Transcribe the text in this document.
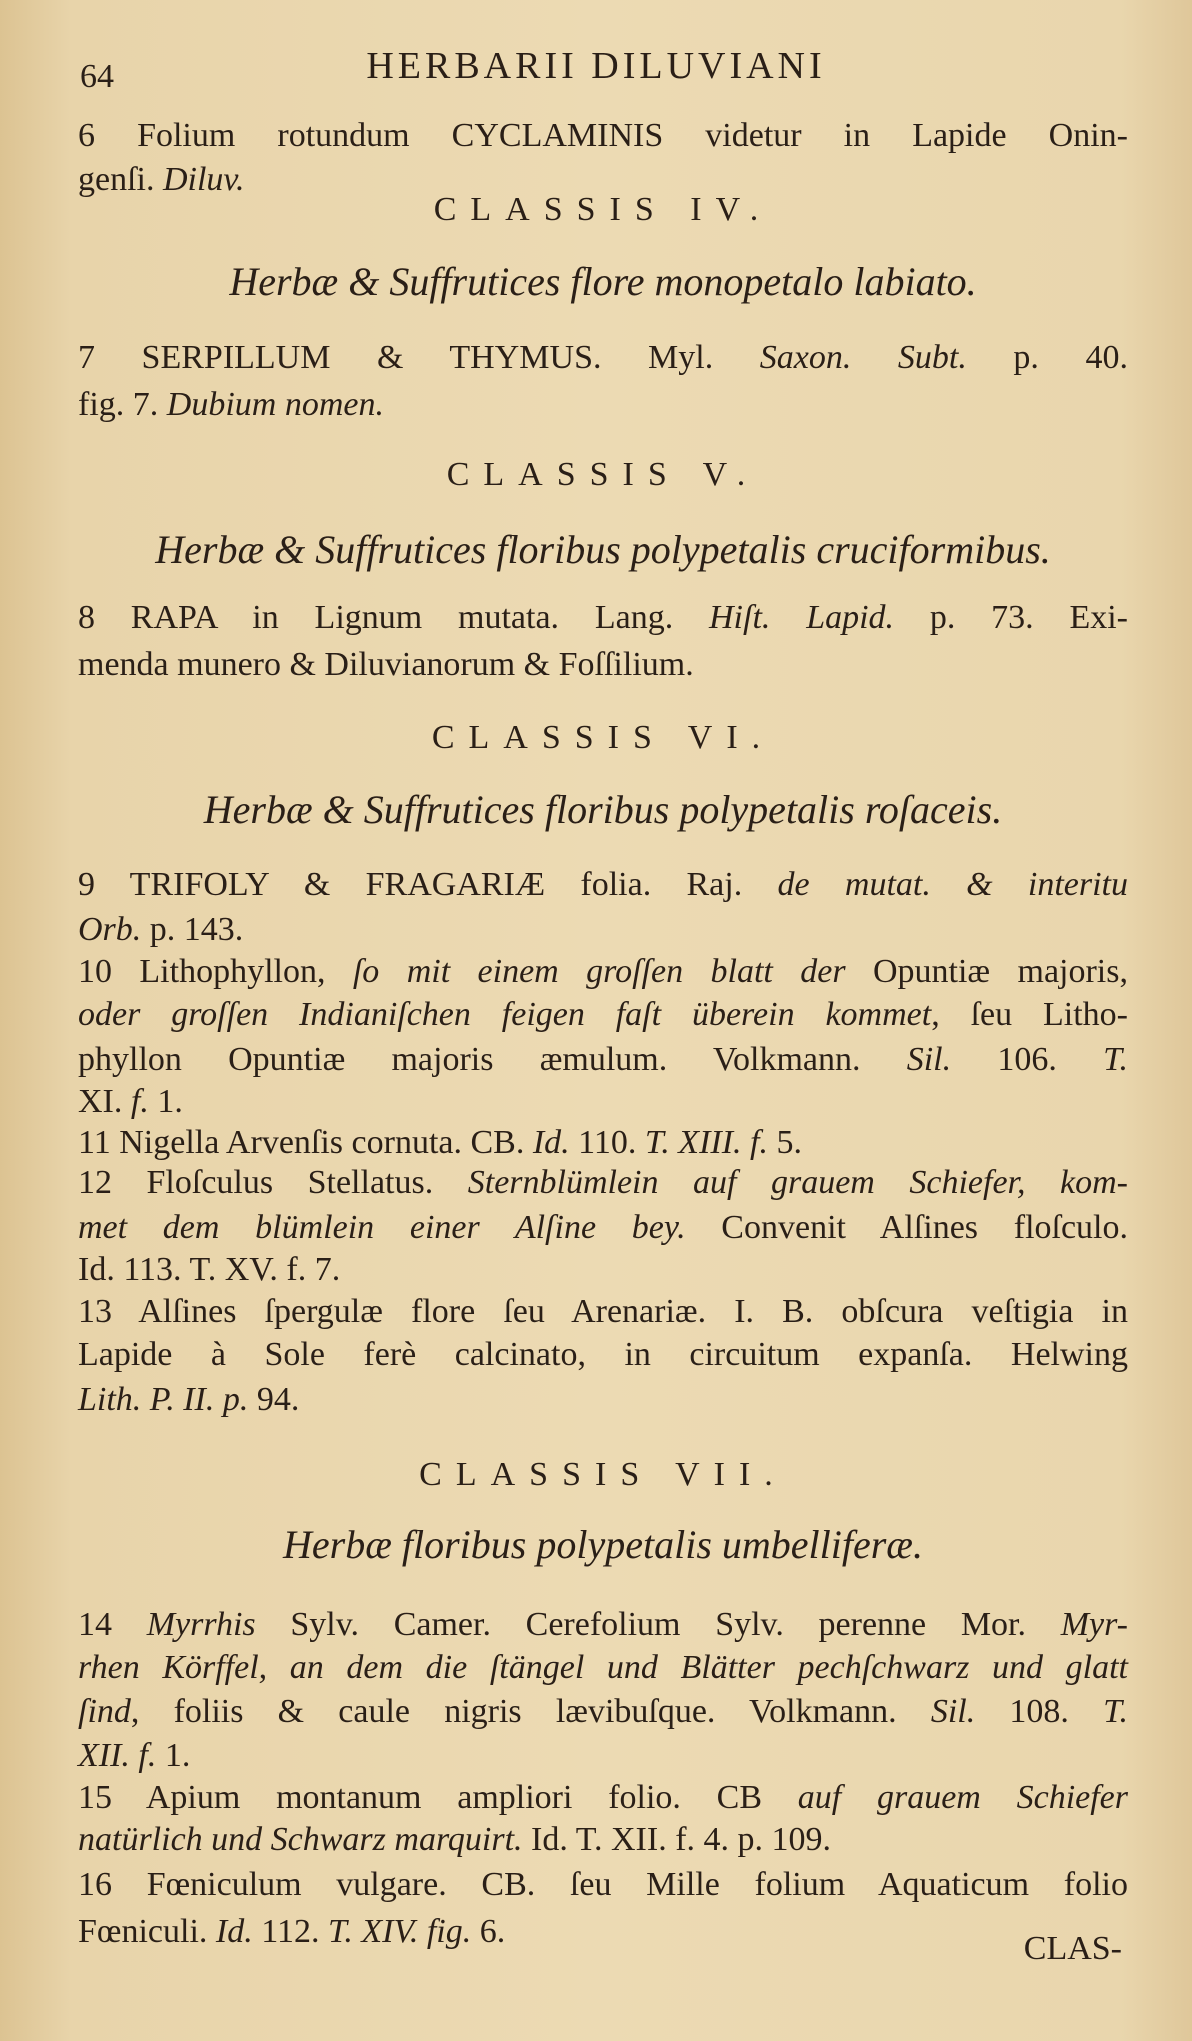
64	HERBARII DILUVIANI
6 Folium rotundum CYCLAMINIS videtur in Lapide Onin-
genſi. Diluv.
CLASSIS IV.
Herbæ & Suffrutices flore monopetalo labiato.
7 SERPILLUM & THYMUS. Myl. Saxon. Subt. p. 40.
fig. 7. Dubium nomen.
CLASSIS V.
Herbæ & Suffrutices floribus polypetalis cruciformibus.
8 RAPA in Lignum mutata. Lang. Hiſt. Lapid. p. 73. Exi-
menda munero & Diluvianorum & Foſſilium.
CLASSIS VI.
Herbæ & Suffrutices floribus polypetalis roſaceis.
9 TRIFOLY & FRAGARIÆ folia. Raj. de mutat. & interitu
Orb. p. 143.
10 Lithophyllon, ſo mit einem groſſen blatt der Opuntiæ majoris,
oder groſſen Indianiſchen feigen faſt überein kommet, ſeu Litho-
phyllon Opuntiæ majoris æmulum. Volkmann. Sil. 106. T.
XI. f. 1.
11 Nigella Arvenſis cornuta. CB. Id. 110. T. XIII. f. 5.
12 Floſculus Stellatus. Sternblümlein auf grauem Schiefer, kom-
met dem blümlein einer Alſine bey. Convenit Alſines floſculo.
Id. 113. T. XV. f. 7.
13 Alſines ſpergulæ flore ſeu Arenariæ. I. B. obſcura veſtigia in
Lapide à Sole ferè calcinato, in circuitum expanſa. Helwing
Lith. P. II. p. 94.
CLASSIS VII.
Herbæ floribus polypetalis umbelliferæ.
14 Myrrhis Sylv. Camer. Cerefolium Sylv. perenne Mor. Myr-
rhen Körffel, an dem die ſtängel und Blätter pechſchwarz und glatt
ſind, foliis & caule nigris lævibuſque. Volkmann. Sil. 108. T.
XII. f. 1.
15 Apium montanum ampliori folio. CB auf grauem Schiefer
natürlich und Schwarz marquirt. Id. T. XII. f. 4. p. 109.
16 Fœniculum vulgare. CB. ſeu Mille folium Aquaticum folio
Fœniculi. Id. 112. T. XIV. fig. 6.	CLAS-
